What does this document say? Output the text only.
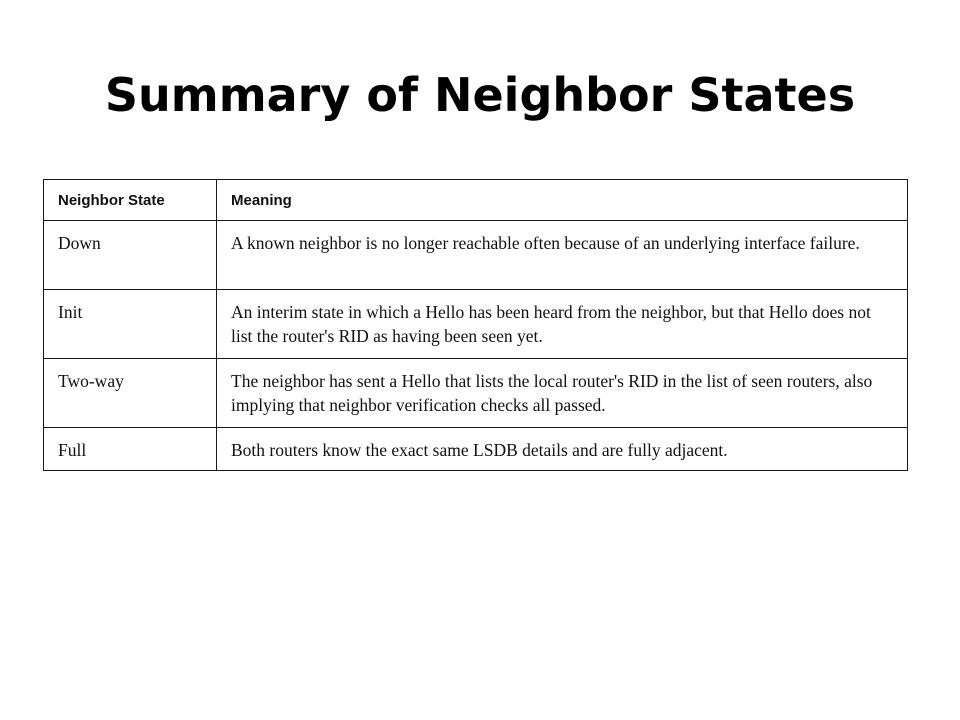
Summary of Neighbor States
Neighbor State	Meaning
Down	A known neighbor is no longer reachable often because of an underlying interface failure.
Init	An interim state in which a Hello has been heard from the neighbor, but that Hello does not list the router's RID as having been seen yet.
Two-way	The neighbor has sent a Hello that lists the local router's RID in the list of seen routers, also implying that neighbor verification checks all passed.
Full	Both routers know the exact same LSDB details and are fully adjacent.
